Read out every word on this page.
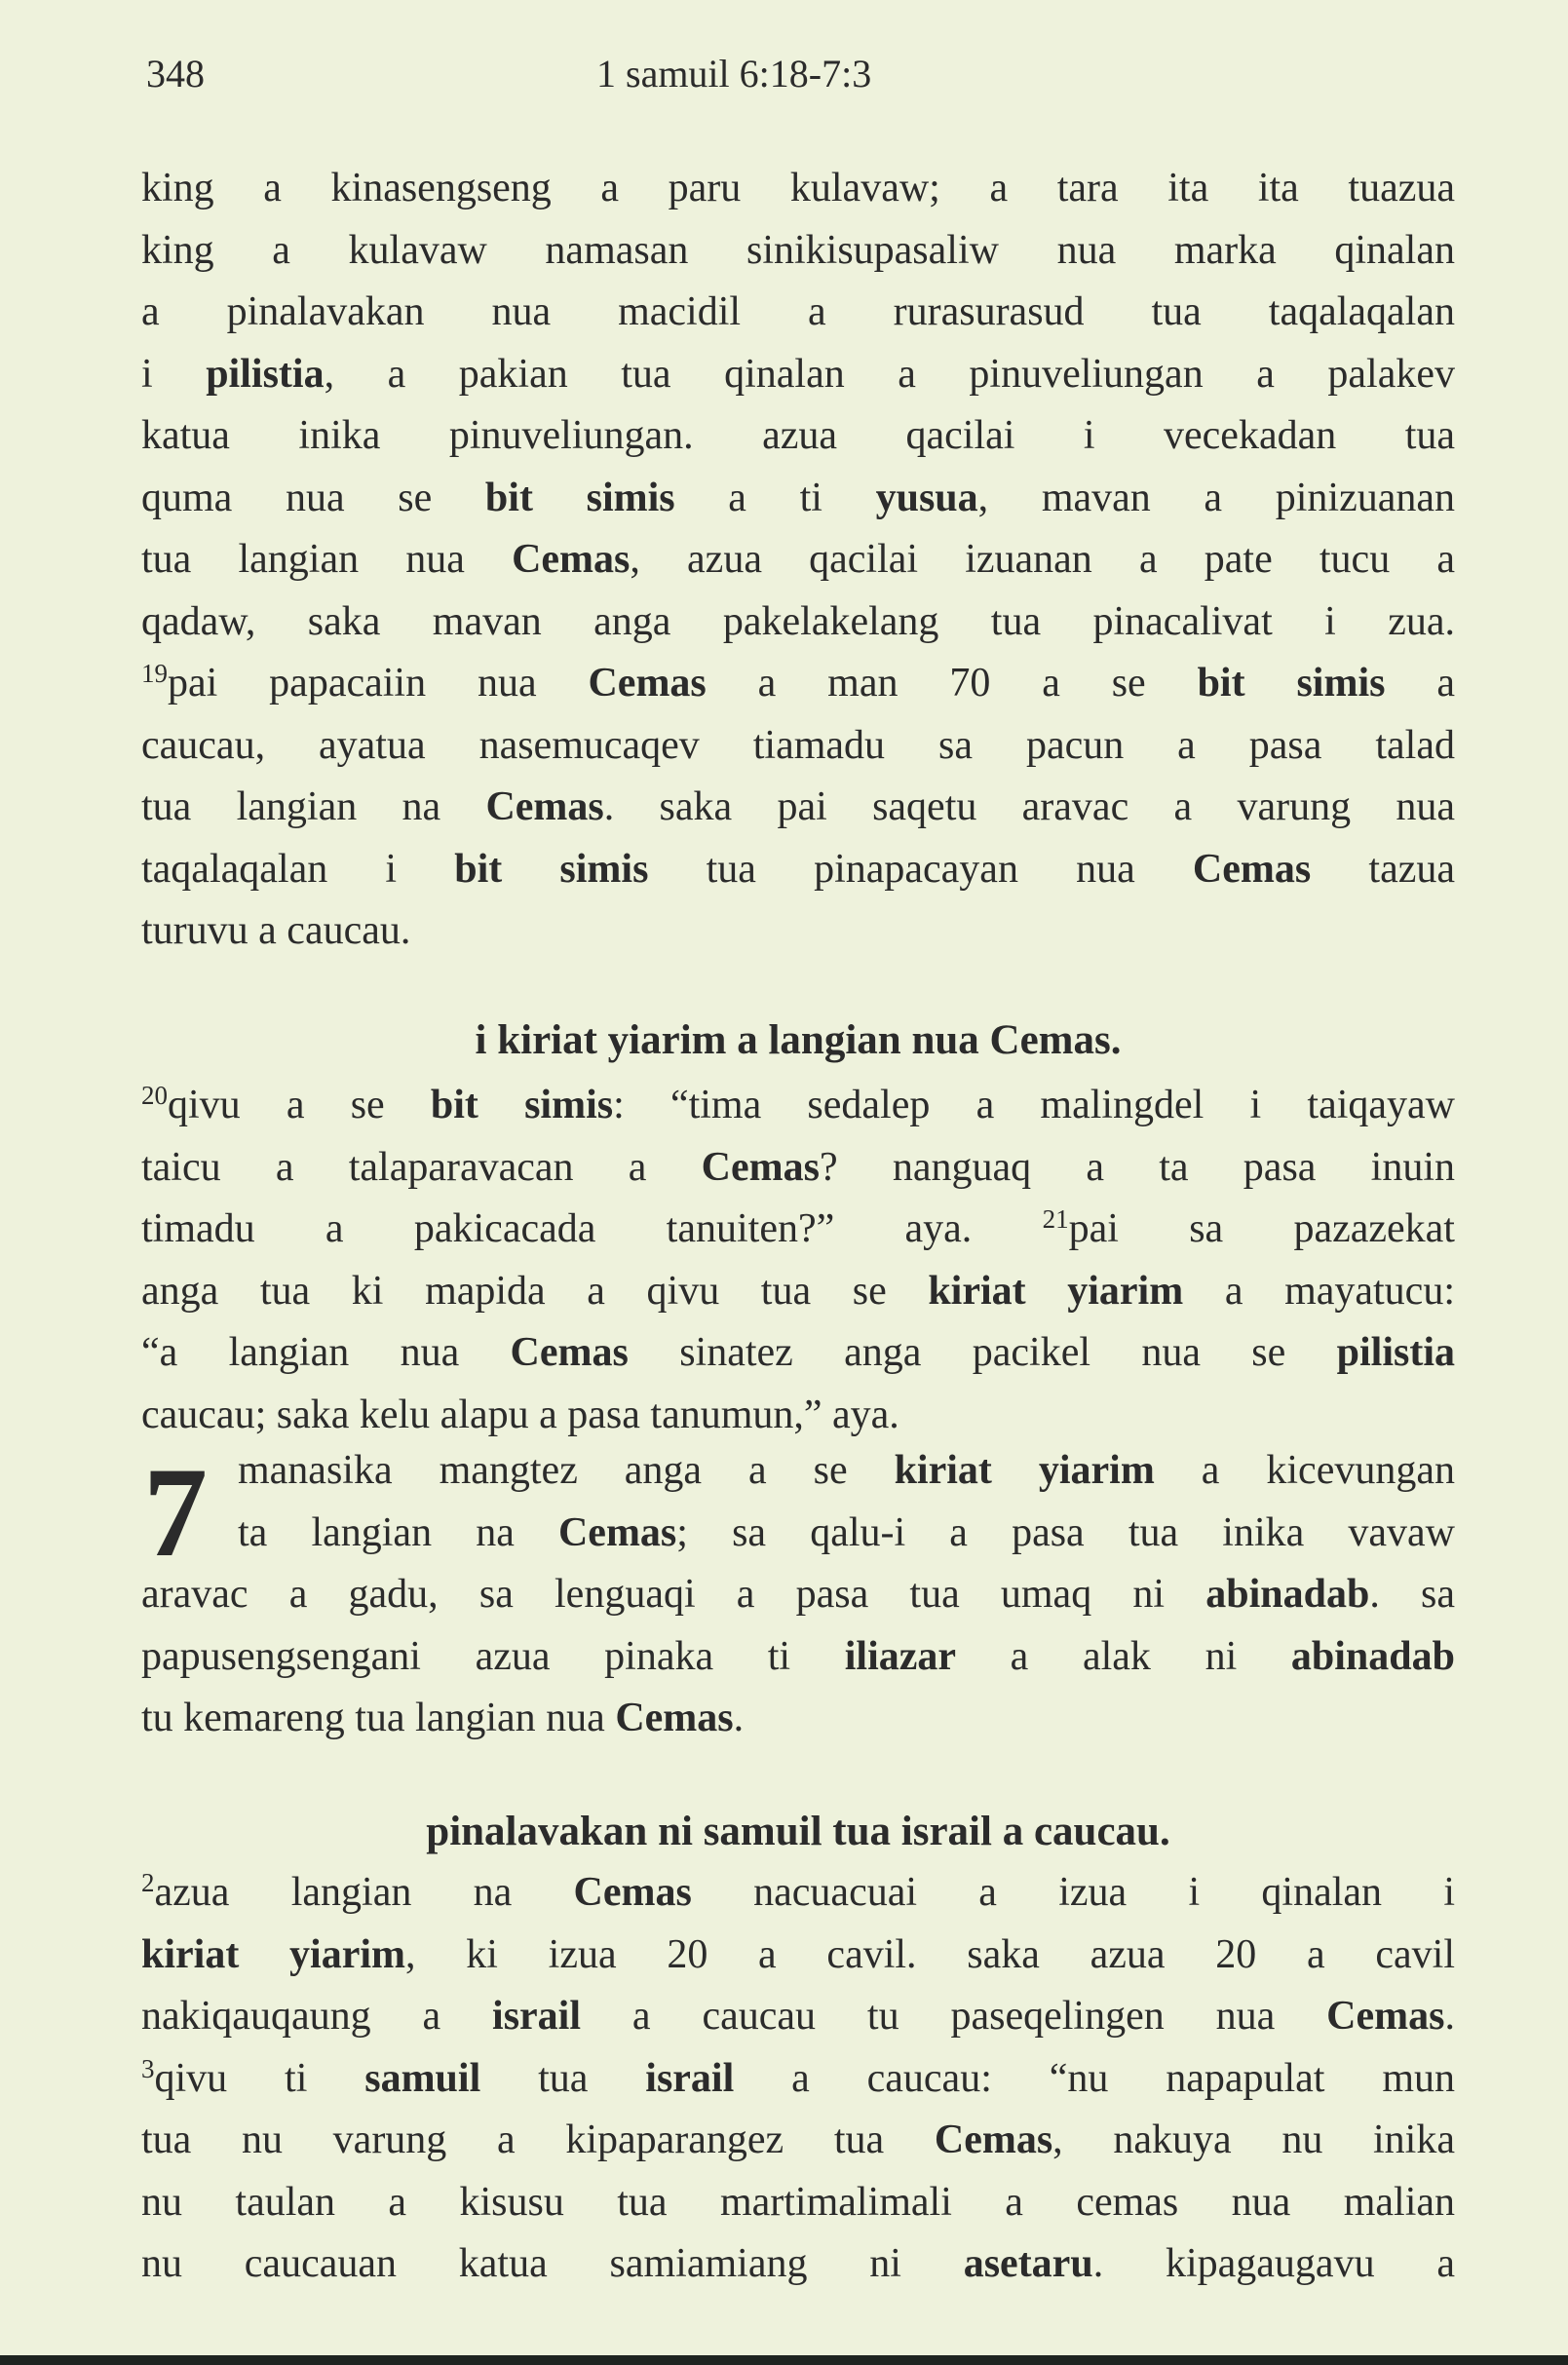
348	1 samuil 6:18-7:3
king a kinasengseng a paru kulavaw; a tara ita ita tuazua
king a kulavaw namasan sinikisupasaliw nua marka qinalan
a pinalavakan nua macidil a rurasurasud tua taqalaqalan
i pilistia, a pakian tua qinalan a pinuveliungan a palakev
katua inika pinuveliungan. azua qacilai i vecekadan tua
quma nua se bit simis a ti yusua, mavan a pinizuanan
tua langian nua Cemas, azua qacilai izuanan a pate tucu a
qadaw, saka mavan anga pakelakelang tua pinacalivat i zua.
$^{19}$pai papacaiin nua Cemas a man 70 a se bit simis a
caucau, ayatua nasemucaqev tiamadu sa pacun a pasa talad
tua langian na Cemas. saka pai saqetu aravac a varung nua
taqalaqalan i bit simis tua pinapacayan nua Cemas tazua
turuvu a caucau.
i kiriat yiarim a langian nua Cemas.
$^{20}$qivu a se bit simis: “tima sedalep a malingdel i taiqayaw
taicu a talaparavacan a Cemas? nanguaq a ta pasa inuin
timadu a pakicacada tanuiten?” aya. $^{21}$pai sa pazazekat
anga tua ki mapida a qivu tua se kiriat yiarim a mayatucu:
“a langian nua Cemas sinatez anga pacikel nua se pilistia
caucau; saka kelu alapu a pasa tanumun,” aya.
7 manasika mangtez anga a se kiriat yiarim a kicevungan
ta langian na Cemas; sa qalu-i a pasa tua inika vavaw
aravac a gadu, sa lenguaqi a pasa tua umaq ni abinadab. sa
papusengsengani azua pinaka ti iliazar a alak ni abinadab
tu kemareng tua langian nua Cemas.
pinalavakan ni samuil tua israil a caucau.
$^2$azua langian na Cemas nacuacuai a izua i qinalan i
kiriat yiarim, ki izua 20 a cavil. saka azua 20 a cavil
nakiqauqaung a israil a caucau tu paseqelingen nua Cemas.
$^3$qivu ti samuil tua israil a caucau: “nu napapulat mun
tua nu varung a kipaparangez tua Cemas, nakuya nu inika
nu taulan a kisusu tua martimalimali a cemas nua malian
nu caucauan katua samiamiang ni asetaru. kipagaugavu a
